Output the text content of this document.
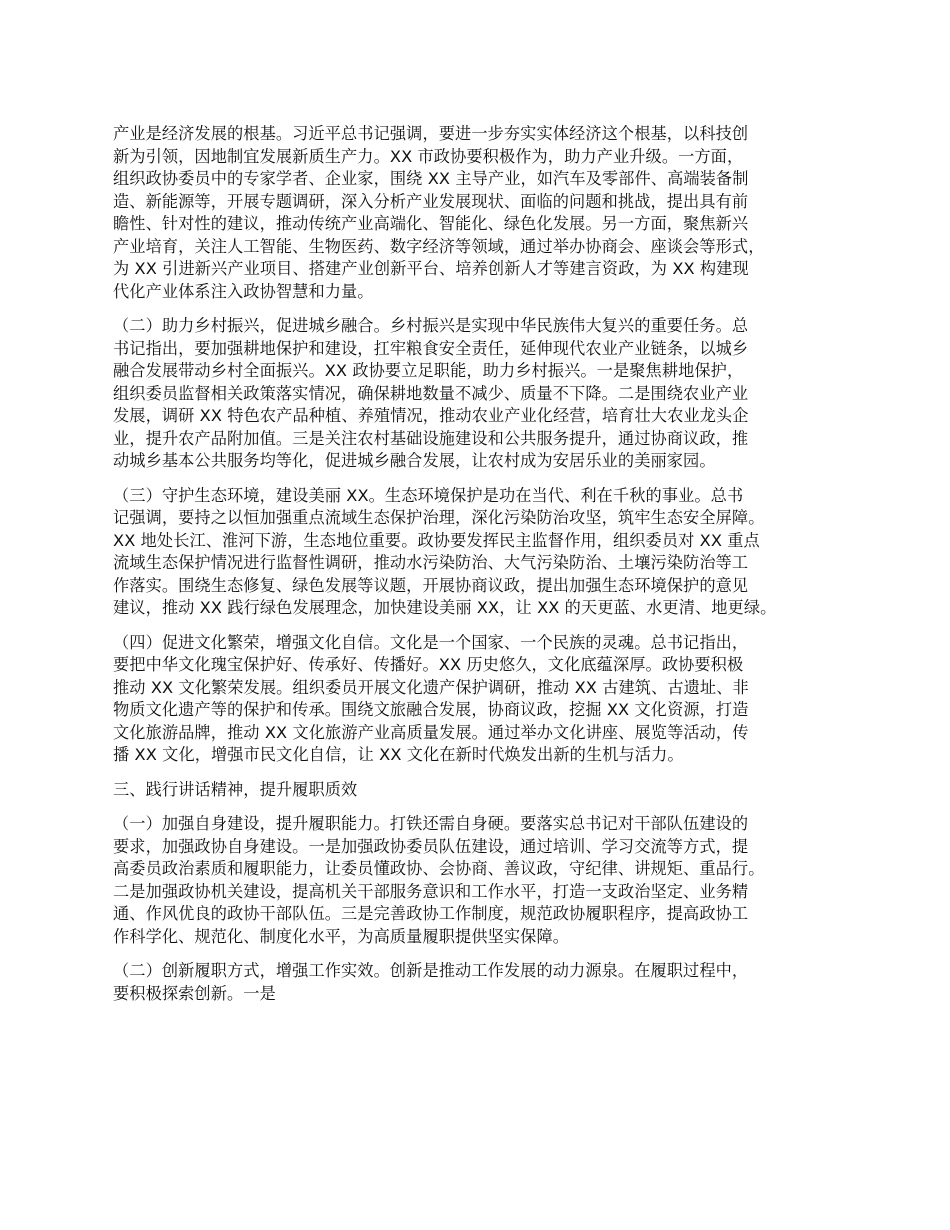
产业是经济发展的根基。习近平总书记强调，要进一步夯实实体经济这个根基，以科技创
新为引领，因地制宜发展新质生产力。XX 市政协要积极作为，助力产业升级。一方面，
组织政协委员中的专家学者、企业家，围绕 XX 主导产业，如汽车及零部件、高端装备制
造、新能源等，开展专题调研，深入分析产业发展现状、面临的问题和挑战，提出具有前
瞻性、针对性的建议，推动传统产业高端化、智能化、绿色化发展。另一方面，聚焦新兴
产业培育，关注人工智能、生物医药、数字经济等领域，通过举办协商会、座谈会等形式，
为 XX 引进新兴产业项目、搭建产业创新平台、培养创新人才等建言资政，为 XX 构建现
代化产业体系注入政协智慧和力量。
（二）助力乡村振兴，促进城乡融合。乡村振兴是实现中华民族伟大复兴的重要任务。总
书记指出，要加强耕地保护和建设，扛牢粮食安全责任，延伸现代农业产业链条，以城乡
融合发展带动乡村全面振兴。XX 政协要立足职能，助力乡村振兴。一是聚焦耕地保护，
组织委员监督相关政策落实情况，确保耕地数量不减少、质量不下降。二是围绕农业产业
发展，调研 XX 特色农产品种植、养殖情况，推动农业产业化经营，培育壮大农业龙头企
业，提升农产品附加值。三是关注农村基础设施建设和公共服务提升，通过协商议政，推
动城乡基本公共服务均等化，促进城乡融合发展，让农村成为安居乐业的美丽家园。
（三）守护生态环境，建设美丽 XX。生态环境保护是功在当代、利在千秋的事业。总书
记强调，要持之以恒加强重点流域生态保护治理，深化污染防治攻坚，筑牢生态安全屏障。
XX 地处长江、淮河下游，生态地位重要。政协要发挥民主监督作用，组织委员对 XX 重点
流域生态保护情况进行监督性调研，推动水污染防治、大气污染防治、土壤污染防治等工
作落实。围绕生态修复、绿色发展等议题，开展协商议政，提出加强生态环境保护的意见
建议，推动 XX 践行绿色发展理念，加快建设美丽 XX，让 XX 的天更蓝、水更清、地更绿。
（四）促进文化繁荣，增强文化自信。文化是一个国家、一个民族的灵魂。总书记指出，
要把中华文化瑰宝保护好、传承好、传播好。XX 历史悠久，文化底蕴深厚。政协要积极
推动 XX 文化繁荣发展。组织委员开展文化遗产保护调研，推动 XX 古建筑、古遗址、非
物质文化遗产等的保护和传承。围绕文旅融合发展，协商议政，挖掘 XX 文化资源，打造
文化旅游品牌，推动 XX 文化旅游产业高质量发展。通过举办文化讲座、展览等活动，传
播 XX 文化，增强市民文化自信，让 XX 文化在新时代焕发出新的生机与活力。
三、践行讲话精神，提升履职质效
（一）加强自身建设，提升履职能力。打铁还需自身硬。要落实总书记对干部队伍建设的
要求，加强政协自身建设。一是加强政协委员队伍建设，通过培训、学习交流等方式，提
高委员政治素质和履职能力，让委员懂政协、会协商、善议政，守纪律、讲规矩、重品行。
二是加强政协机关建设，提高机关干部服务意识和工作水平，打造一支政治坚定、业务精
通、作风优良的政协干部队伍。三是完善政协工作制度，规范政协履职程序，提高政协工
作科学化、规范化、制度化水平，为高质量履职提供坚实保障。
（二）创新履职方式，增强工作实效。创新是推动工作发展的动力源泉。在履职过程中，
要积极探索创新。一是
